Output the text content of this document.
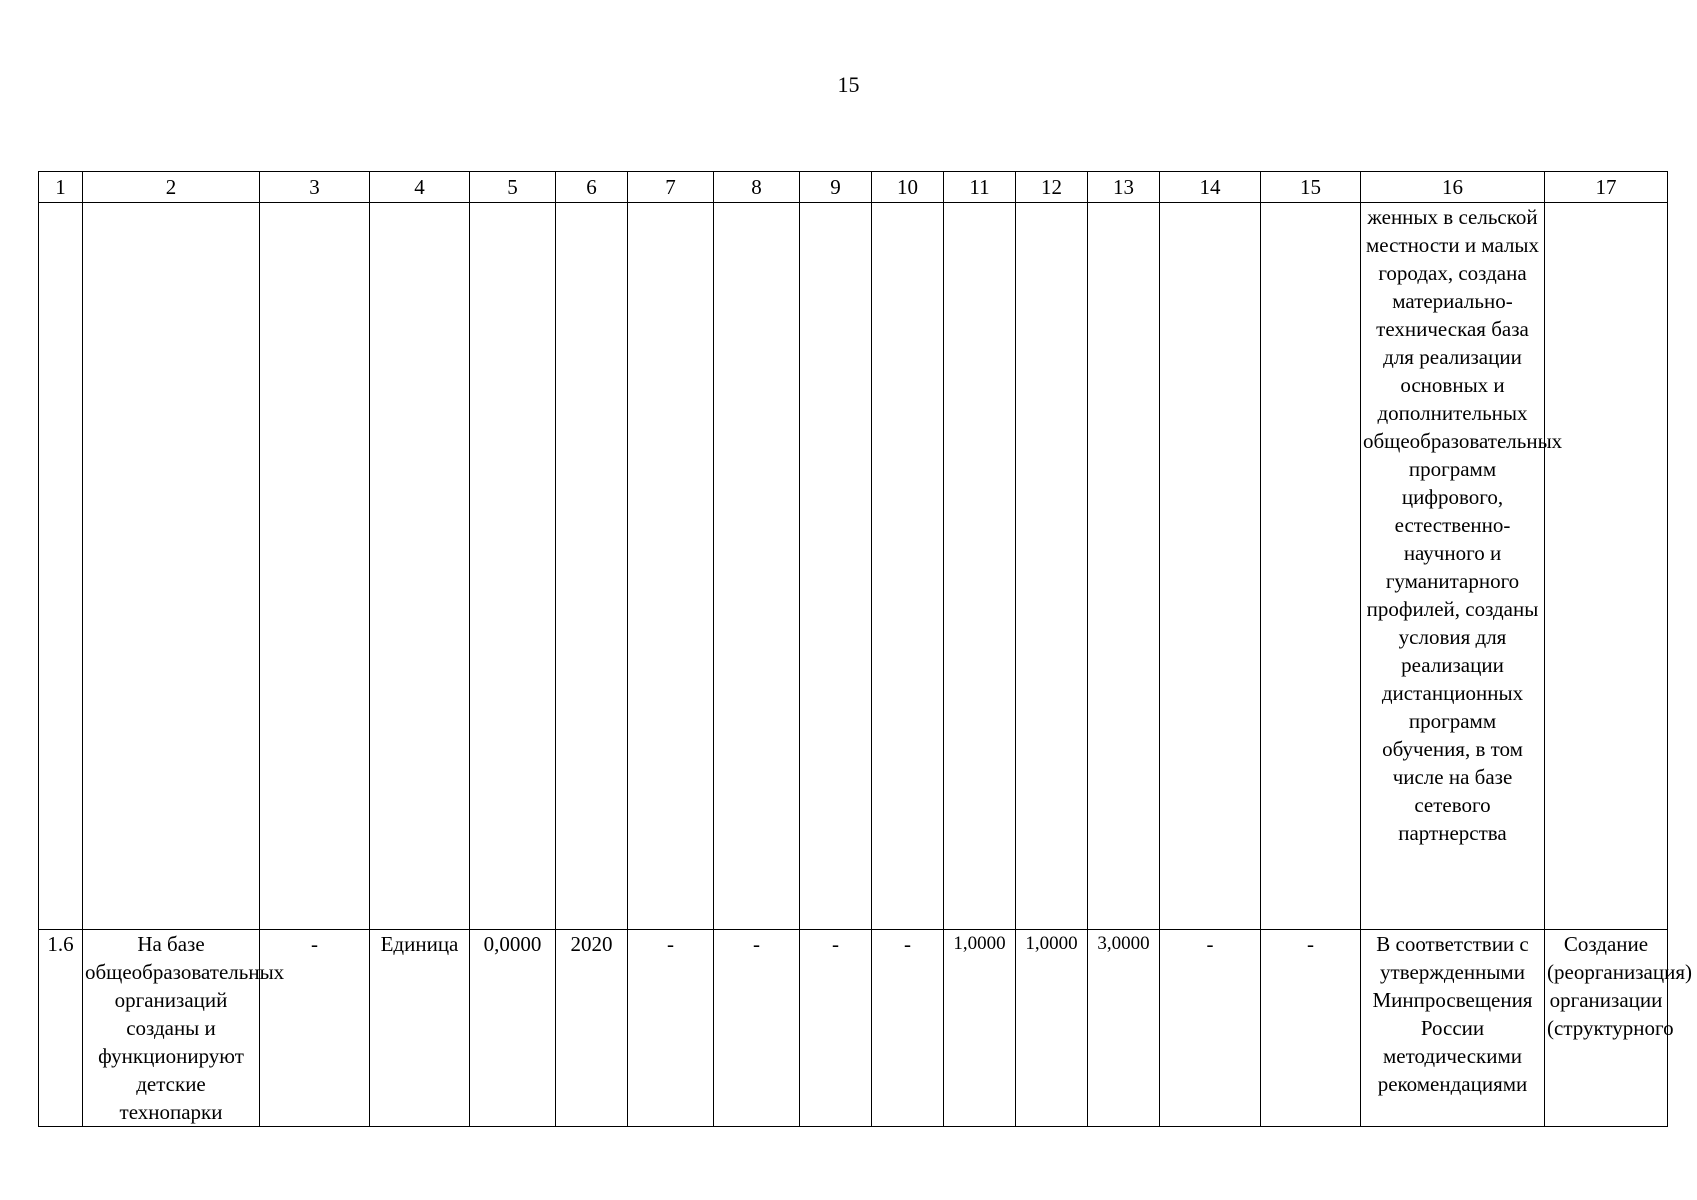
15
1	2	3	4	5	6	7	8	9	10	11	12	13	14	15	16	17

															женных в сельской местности и малых городах, создана материально-техническая база для реализации основных и дополнительных общеобразовательных программ цифрового, естественно-научного и гуманитарного профилей, созданы условия для реализации дистанционных программ обучения, в том числе на базе сетевого партнерства	

1.6	На базе общеобразовательных организаций созданы и функционируют детские технопарки	-	Единица	0,0000	2020	-	-	-	-	1,0000	1,0000	3,0000	-	-	В соответствии с утвержденными Минпросвещения России методическими рекомендациями	Создание (реорганизация) организации (структурного
